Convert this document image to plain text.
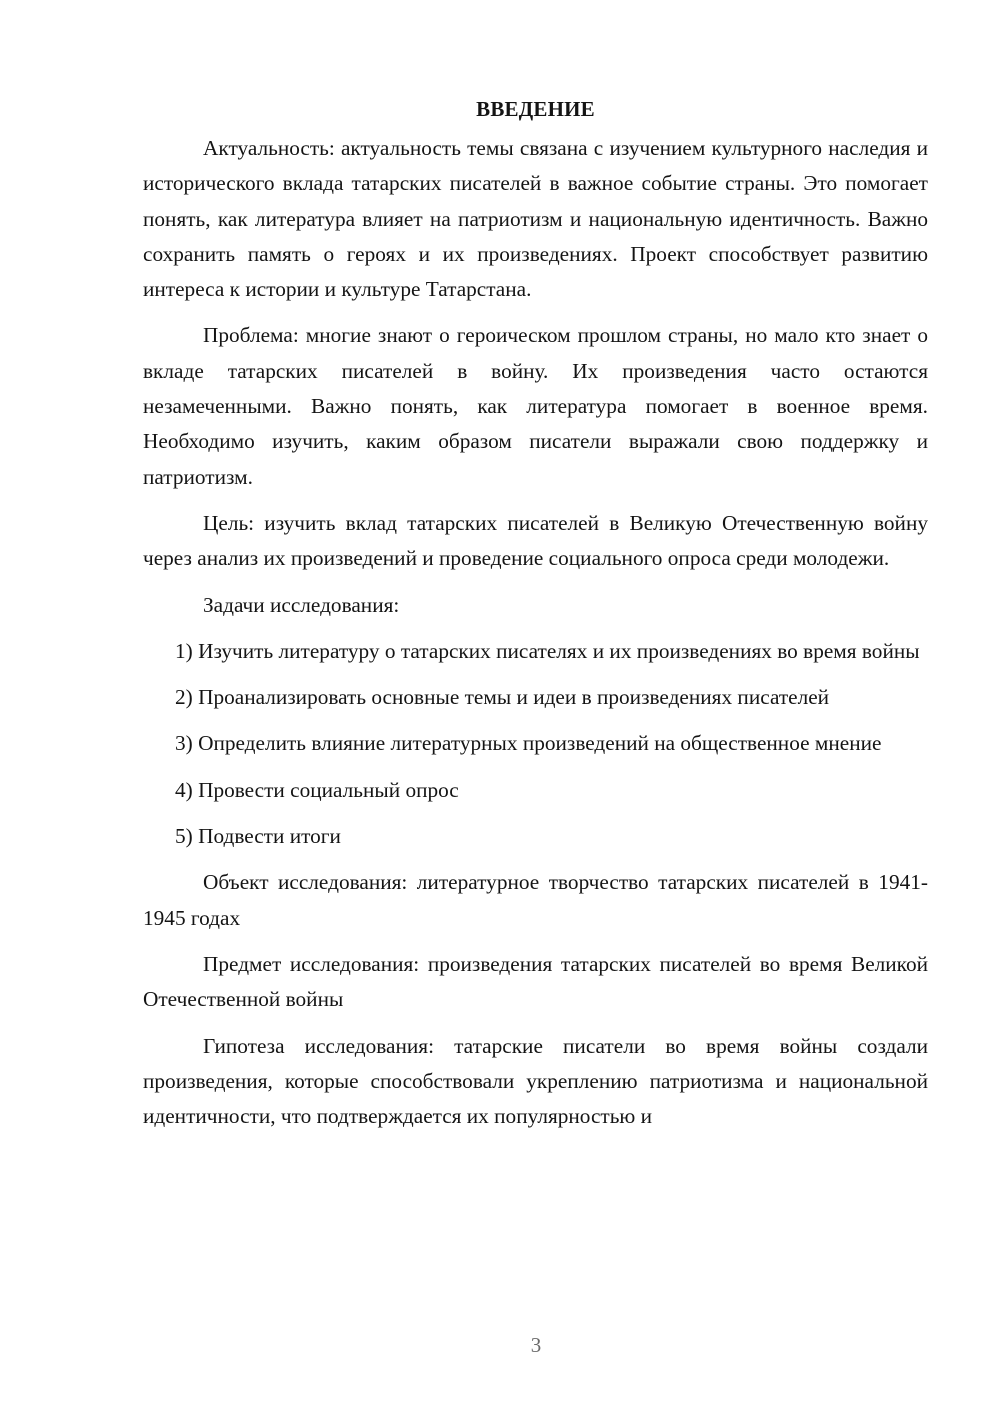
ВВЕДЕНИЕ

Актуальность: актуальность темы связана с изучением культурного наследия и исторического вклада татарских писателей в важное событие страны. Это помогает понять, как литература влияет на патриотизм и национальную идентичность. Важно сохранить память о героях и их произведениях. Проект способствует развитию интереса к истории и культуре Татарстана.

Проблема: многие знают о героическом прошлом страны, но мало кто знает о вкладе татарских писателей в войну. Их произведения часто остаются незамеченными. Важно понять, как литература помогает в военное время. Необходимо изучить, каким образом писатели выражали свою поддержку и патриотизм.

Цель: изучить вклад татарских писателей в Великую Отечественную войну через анализ их произведений и проведение социального опроса среди молодежи.

Задачи исследования:

1) Изучить литературу о татарских писателях и их произведениях во время войны

2) Проанализировать основные темы и идеи в произведениях писателей

3) Определить влияние литературных произведений на общественное мнение

4) Провести социальный опрос

5) Подвести итоги

Объект исследования: литературное творчество татарских писателей в 1941-1945 годах

Предмет исследования: произведения татарских писателей во время Великой Отечественной войны

Гипотеза исследования: татарские писатели во время войны создали произведения, которые способствовали укреплению патриотизма и национальной идентичности, что подтверждается их популярностью и

3
